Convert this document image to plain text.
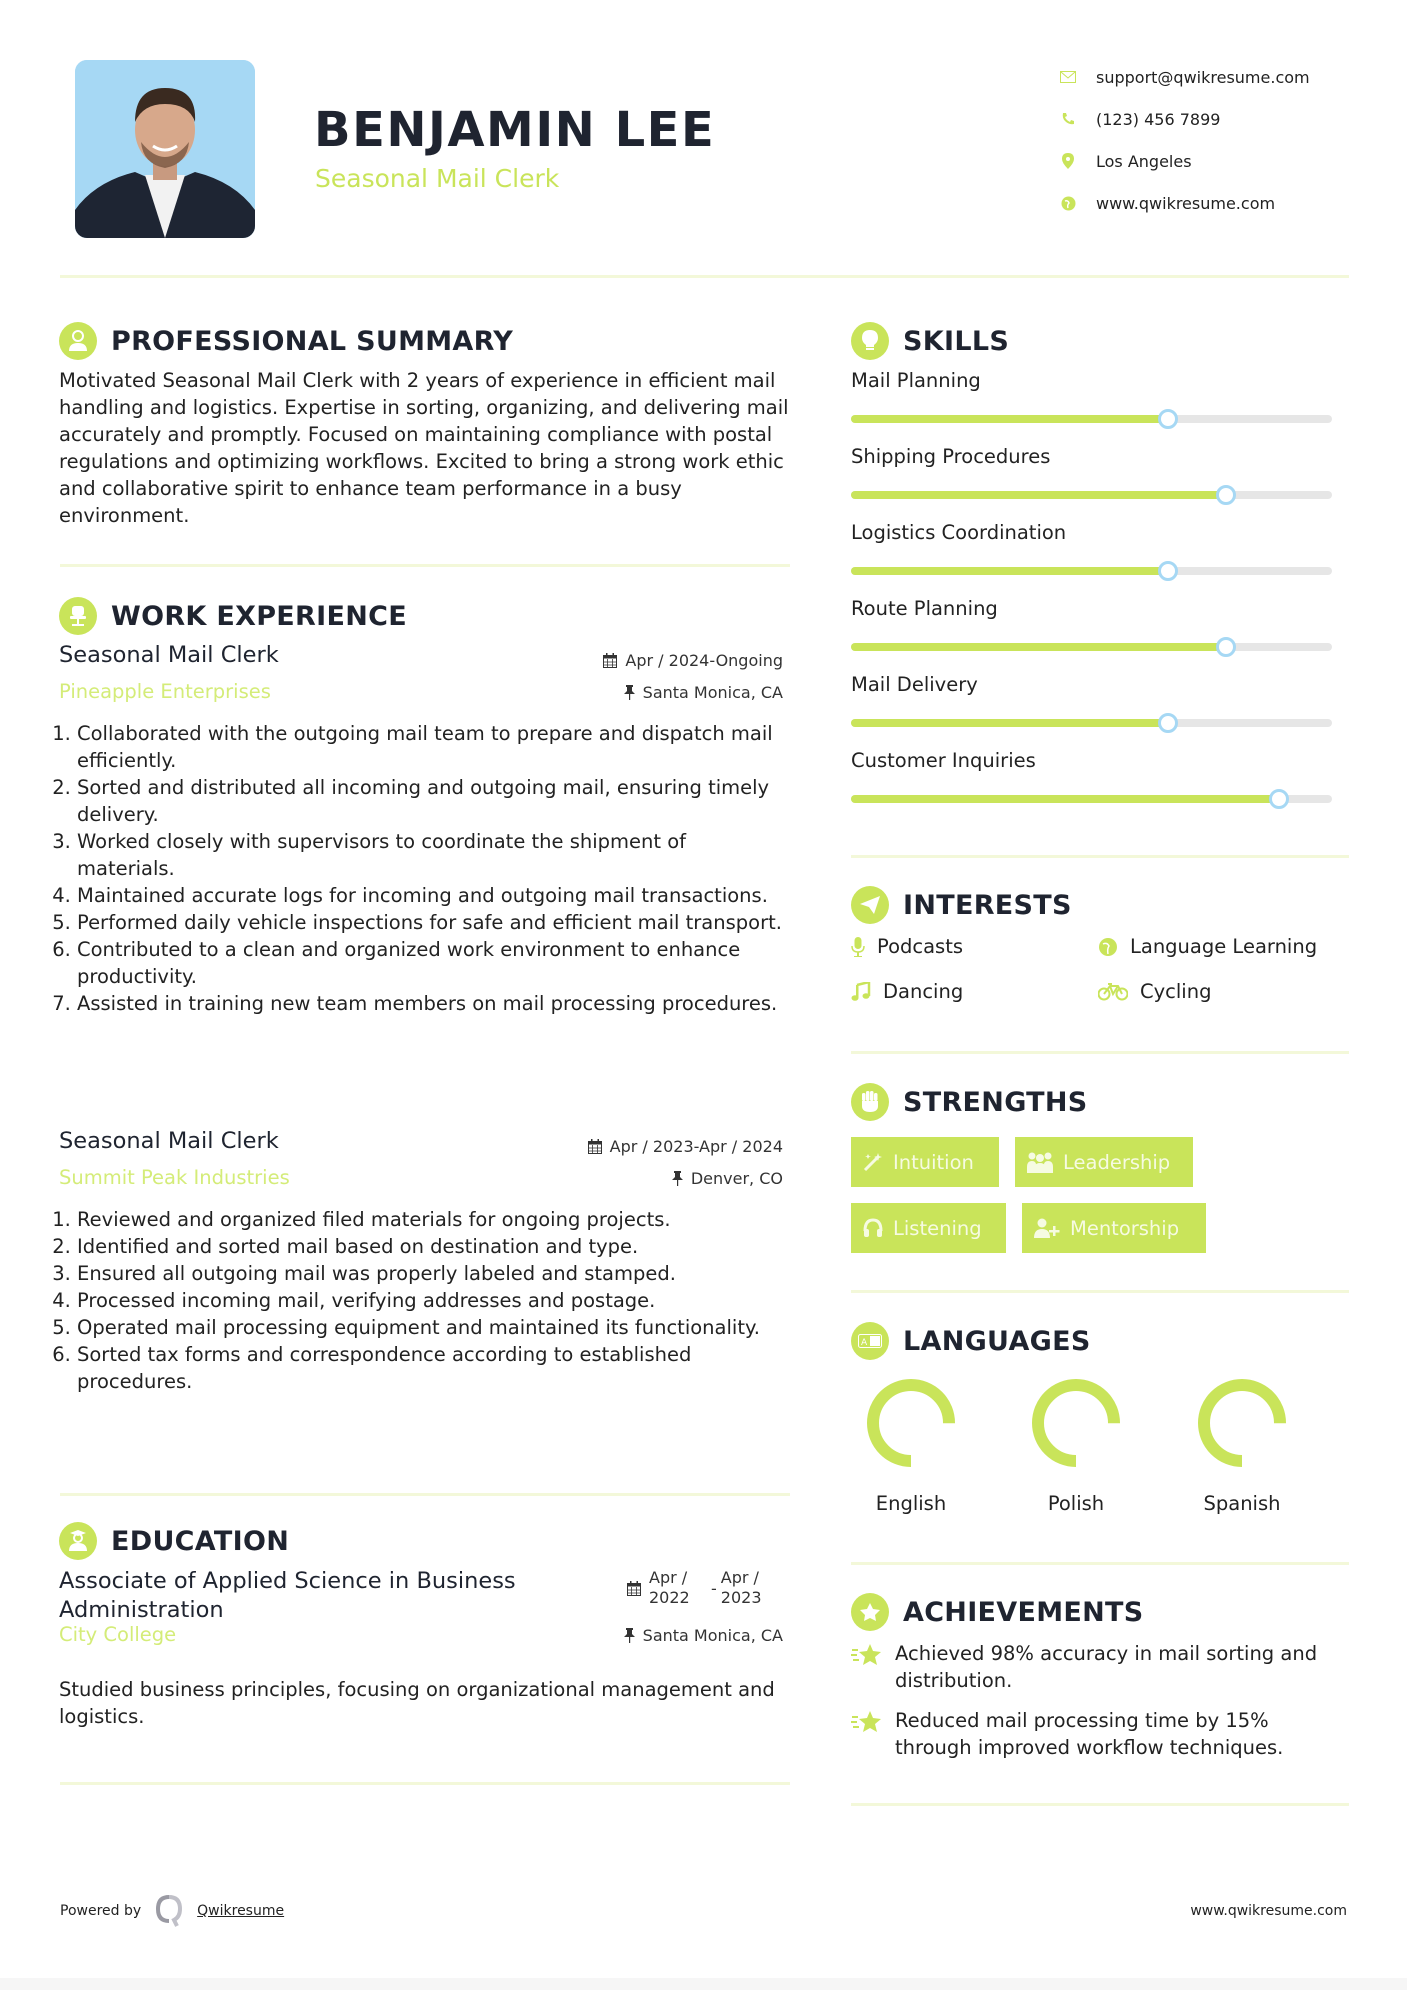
BENJAMIN LEE
Seasonal Mail Clerk
support@qwikresume.com
(123) 456 7899
Los Angeles
www.qwikresume.com
PROFESSIONAL SUMMARY
Motivated Seasonal Mail Clerk with 2 years of experience in efficient mail handling and logistics. Expertise in sorting, organizing, and delivering mail accurately and promptly. Focused on maintaining compliance with postal regulations and optimizing workflows. Excited to bring a strong work ethic and collaborative spirit to enhance team performance in a busy environment.
WORK EXPERIENCE
Seasonal Mail Clerk	Apr / 2024-Ongoing
Pineapple Enterprises	Santa Monica, CA
1. Collaborated with the outgoing mail team to prepare and dispatch mail efficiently.
2. Sorted and distributed all incoming and outgoing mail, ensuring timely delivery.
3. Worked closely with supervisors to coordinate the shipment of materials.
4. Maintained accurate logs for incoming and outgoing mail transactions.
5. Performed daily vehicle inspections for safe and efficient mail transport.
6. Contributed to a clean and organized work environment to enhance productivity.
7. Assisted in training new team members on mail processing procedures.
Seasonal Mail Clerk	Apr / 2023-Apr / 2024
Summit Peak Industries	Denver, CO
1. Reviewed and organized filed materials for ongoing projects.
2. Identified and sorted mail based on destination and type.
3. Ensured all outgoing mail was properly labeled and stamped.
4. Processed incoming mail, verifying addresses and postage.
5. Operated mail processing equipment and maintained its functionality.
6. Sorted tax forms and correspondence according to established procedures.
EDUCATION
Associate of Applied Science in Business Administration
Apr / 2022 -
Apr / 2023
City College	Santa Monica, CA
Studied business principles, focusing on organizational management and logistics.
SKILLS
Mail Planning
Shipping Procedures
Logistics Coordination
Route Planning
Mail Delivery
Customer Inquiries
INTERESTS
Podcasts	Language Learning
Dancing	Cycling
STRENGTHS
Intuition	Leadership
Listening	Mentorship
A LANGUAGES
English	Polish	Spanish
ACHIEVEMENTS
Achieved 98% accuracy in mail sorting and distribution.
Reduced mail processing time by 15% through improved workflow techniques.
Powered by	Qwikresume	www.qwikresume.com
